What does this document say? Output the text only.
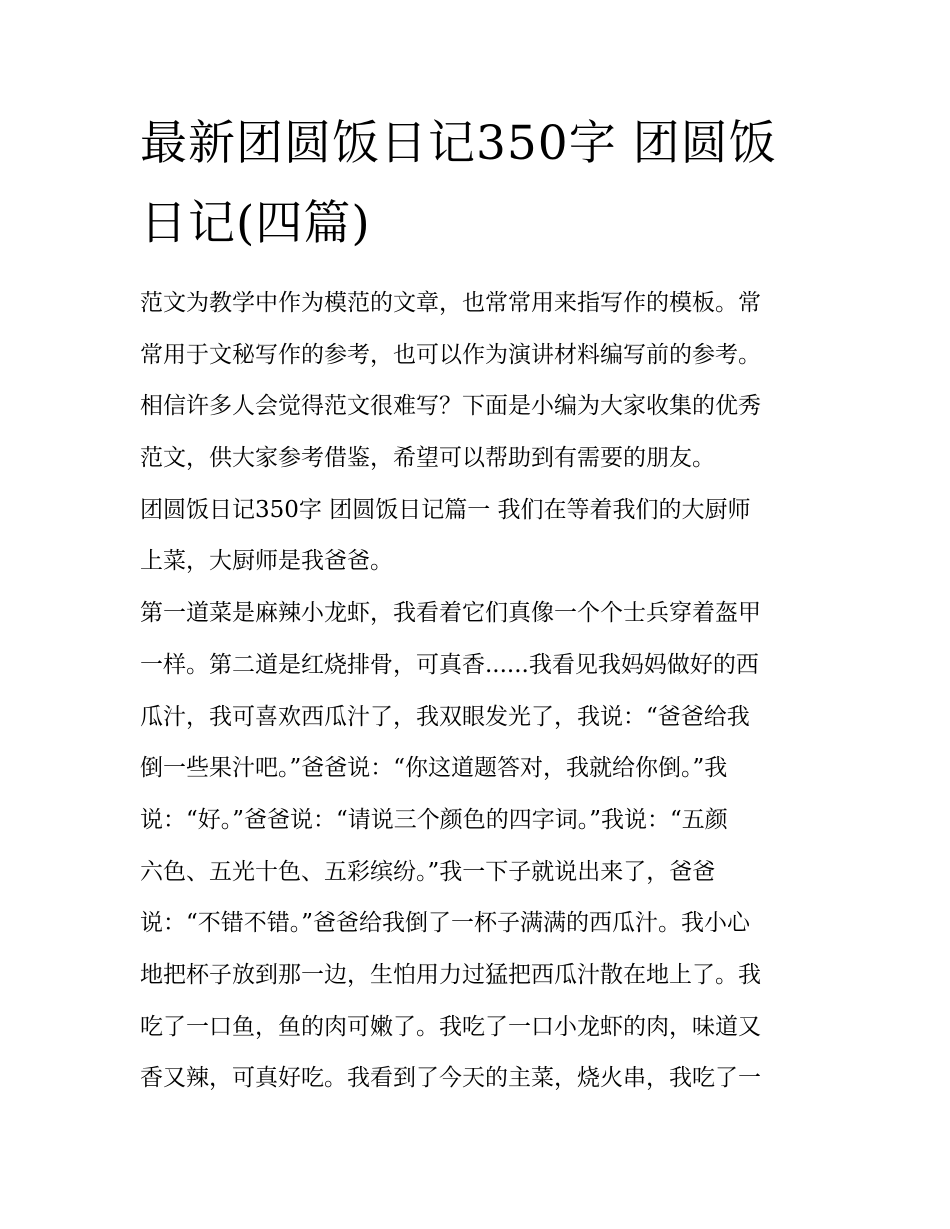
最新团圆饭日记350字 团圆饭
日记(四篇)
范文为教学中作为模范的文章，也常常用来指写作的模板。常
常用于文秘写作的参考，也可以作为演讲材料编写前的参考。
相信许多人会觉得范文很难写？下面是小编为大家收集的优秀
范文，供大家参考借鉴，希望可以帮助到有需要的朋友。
团圆饭日记350字 团圆饭日记篇一 我们在等着我们的大厨师
上菜，大厨师是我爸爸。
第一道菜是麻辣小龙虾，我看着它们真像一个个士兵穿着盔甲
一样。第二道是红烧排骨，可真香......我看见我妈妈做好的西
瓜汁，我可喜欢西瓜汁了，我双眼发光了，我说：“爸爸给我
倒一些果汁吧。”爸爸说：“你这道题答对，我就给你倒。”我
说：“好。”爸爸说：“请说三个颜色的四字词。”我说：“五颜
六色、五光十色、五彩缤纷。”我一下子就说出来了，爸爸
说：“不错不错。”爸爸给我倒了一杯子满满的西瓜汁。我小心
地把杯子放到那一边，生怕用力过猛把西瓜汁散在地上了。我
吃了一口鱼，鱼的肉可嫩了。我吃了一口小龙虾的肉，味道又
香又辣，可真好吃。我看到了今天的主菜，烧火串，我吃了一
